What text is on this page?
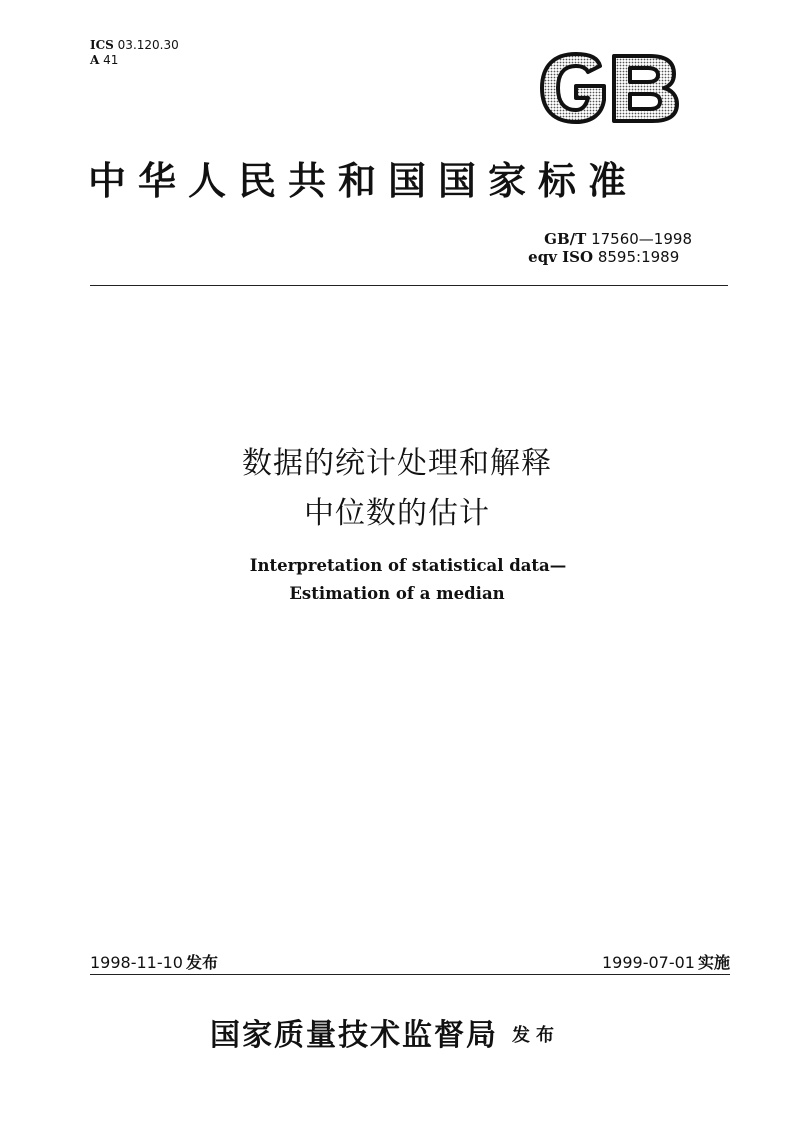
ICS 03.120.30
A 41
中华人民共和国国家标准
GB/T 17560—1998
eqv ISO 8595:1989
数据的统计处理和解释
中位数的估计
Interpretation of statistical data—
Estimation of a median
1998-11-10 发布	1999-07-01 实施
国家质量技术监督局 发布
